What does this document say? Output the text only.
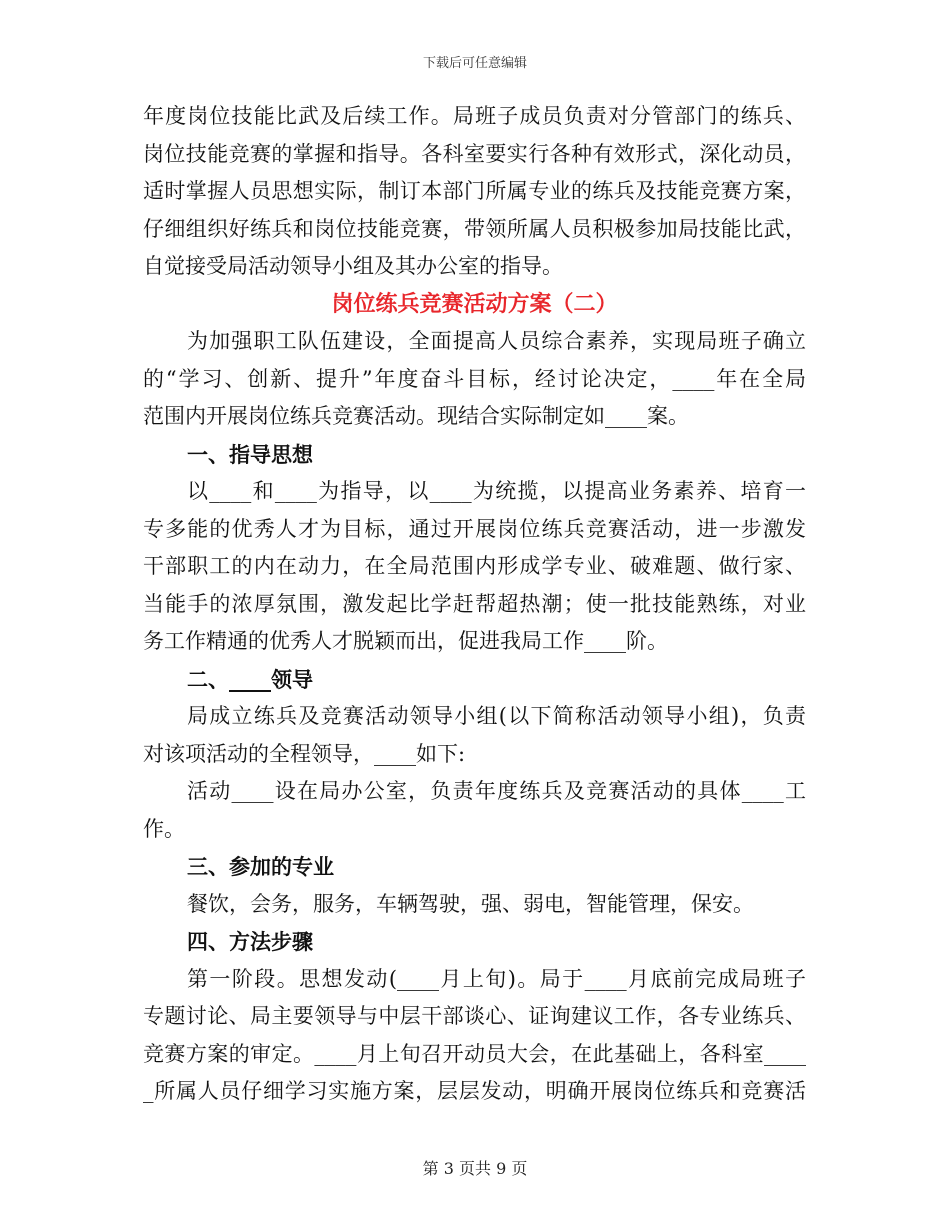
下载后可任意编辑
年度岗位技能比武及后续工作。局班子成员负责对分管部门的练兵、
岗位技能竞赛的掌握和指导。各科室要实行各种有效形式，深化动员，
适时掌握人员思想实际，制订本部门所属专业的练兵及技能竞赛方案，
仔细组织好练兵和岗位技能竞赛，带领所属人员积极参加局技能比武，
自觉接受局活动领导小组及其办公室的指导。
岗位练兵竞赛活动方案（二）
为加强职工队伍建设，全面提高人员综合素养，实现局班子确立
的“学习、创新、提升”年度奋斗目标，经讨论决定，____年在全局
范围内开展岗位练兵竞赛活动。现结合实际制定如____案。
一、指导思想
以____和____为指导，以____为统揽，以提高业务素养、培育一
专多能的优秀人才为目标，通过开展岗位练兵竞赛活动，进一步激发
干部职工的内在动力，在全局范围内形成学专业、破难题、做行家、
当能手的浓厚氛围，激发起比学赶帮超热潮；使一批技能熟练，对业
务工作精通的优秀人才脱颖而出，促进我局工作____阶。
二、____领导
局成立练兵及竞赛活动领导小组(以下简称活动领导小组)，负责
对该项活动的全程领导，____如下:
活动____设在局办公室，负责年度练兵及竞赛活动的具体____工
作。
三、参加的专业
餐饮，会务，服务，车辆驾驶，强、弱电，智能管理，保安。
四、方法步骤
第一阶段。思想发动(____月上旬)。局于____月底前完成局班子
专题讨论、局主要领导与中层干部谈心、证询建议工作，各专业练兵、
竞赛方案的审定。____月上旬召开动员大会，在此基础上，各科室____
_所属人员仔细学习实施方案，层层发动，明确开展岗位练兵和竞赛活
第 3 页共 9 页
